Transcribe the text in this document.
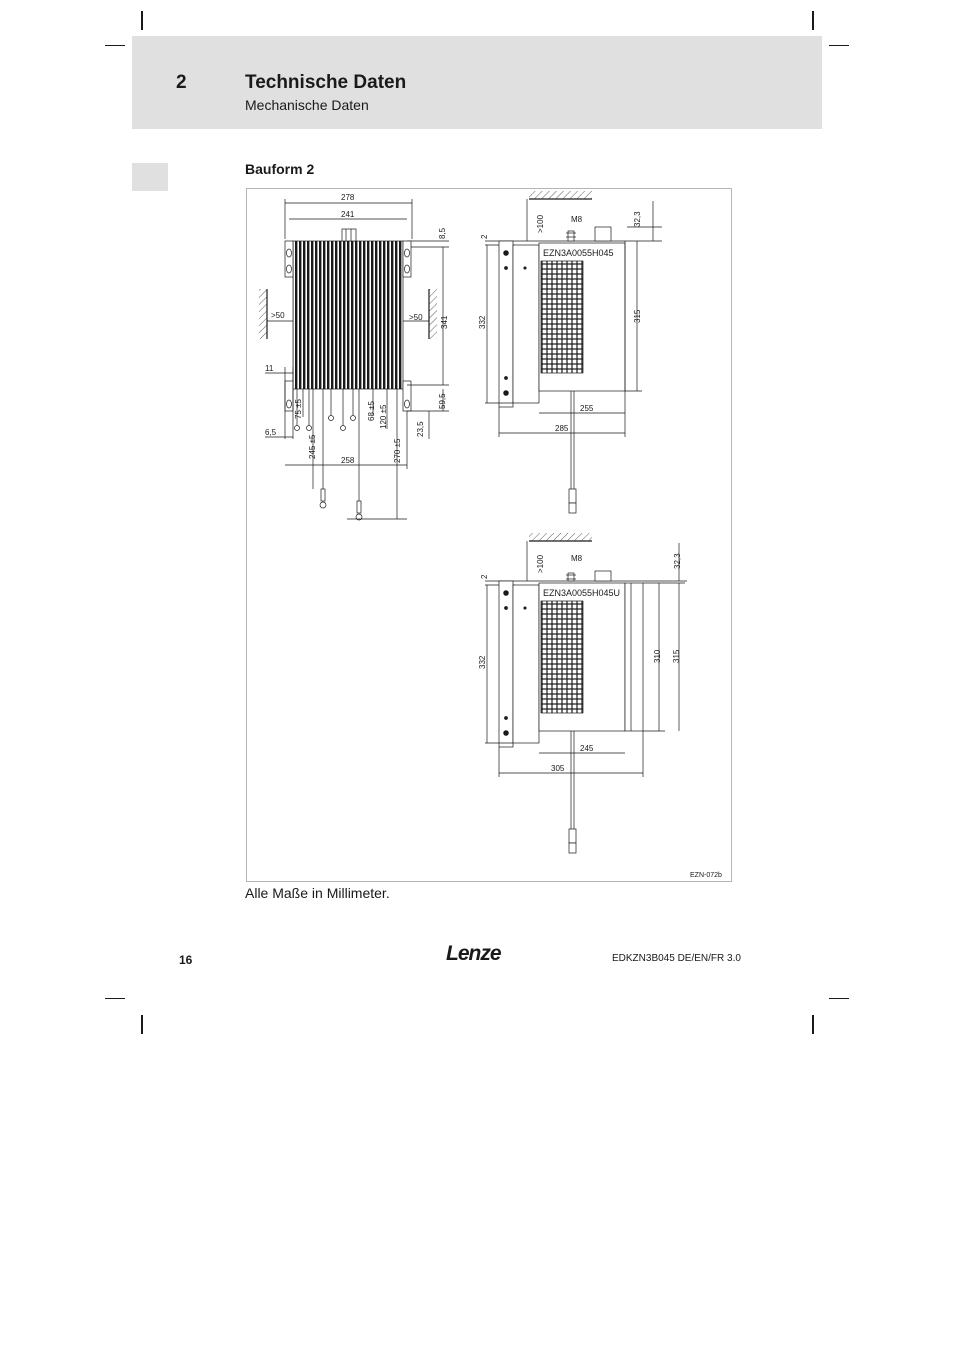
2	Technische Daten
Mechanische Daten
Bauform 2
278
241
8,5
>50	>50 341
11
59,5
6,5
75 ±5	68 ±5 120 ±5
245 ±5	270 ±5
258
23,5
>100	M8	32,3
2
EZN3A0055H045
332	315
255
285
>100	M8	32,3
2
EZN3A0055H045U
332	310 315
245
305
EZN-072b
Alle Maße in Millimeter.
16	Lenze	EDKZN3B045 DE/EN/FR 3.0
